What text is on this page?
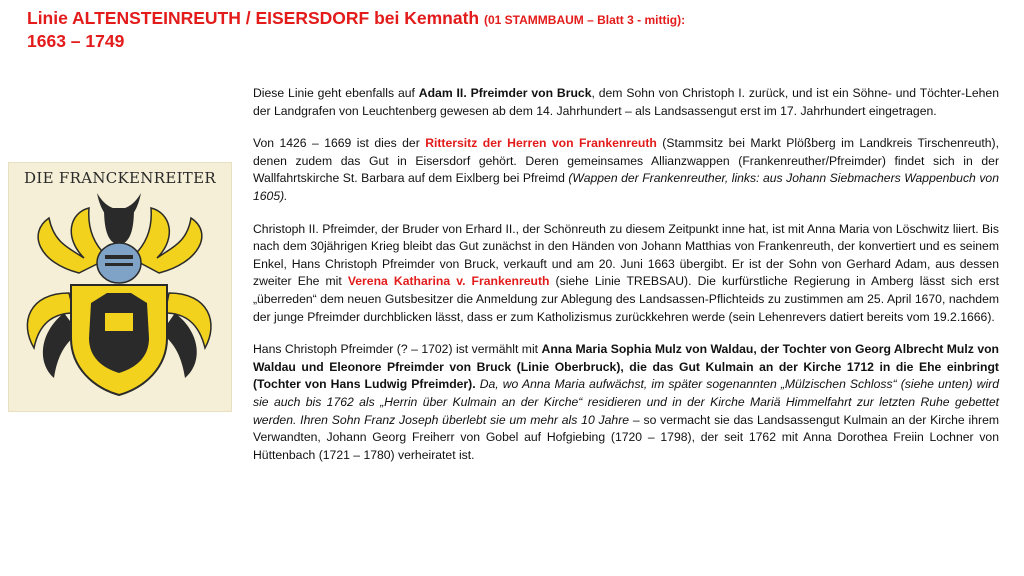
Linie ALTENSTEINREUTH / EISERSDORF bei Kemnath (01 STAMMBAUM – Blatt 3 - mittig):
1663 – 1749
DIE FRANCKENREITER

Diese Linie geht ebenfalls auf Adam II. Pfreimder von Bruck, dem Sohn von Christoph I. zurück, und ist ein Söhne- und Töchter-Lehen der Landgrafen von Leuchtenberg gewesen ab dem 14. Jahrhundert – als Landsassengut erst im 17. Jahrhundert eingetragen.

Von 1426 – 1669 ist dies der Rittersitz der Herren von Frankenreuth (Stammsitz bei Markt Plößberg im Landkreis Tirschenreuth), denen zudem das Gut in Eisersdorf gehört. Deren gemeinsames Allianzwappen (Frankenreuther/Pfreimder) findet sich in der Wallfahrtskirche St. Barbara auf dem Eixlberg bei Pfreimd (Wappen der Frankenreuther, links: aus Johann Siebmachers Wappenbuch von 1605).

Christoph II. Pfreimder, der Bruder von Erhard II., der Schönreuth zu diesem Zeitpunkt inne hat, ist mit Anna Maria von Löschwitz liiert. Bis nach dem 30jährigen Krieg bleibt das Gut zunächst in den Händen von Johann Matthias von Frankenreuth, der konvertiert und es seinem Enkel, Hans Christoph Pfreimder von Bruck, verkauft und am 20. Juni 1663 übergibt. Er ist der Sohn von Gerhard Adam, aus dessen zweiter Ehe mit Verena Katharina v. Frankenreuth (siehe Linie TREBSAU). Die kurfürstliche Regierung in Amberg lässt sich erst „überreden“ dem neuen Gutsbesitzer die Anmeldung zur Ablegung des Landsassen-Pflichteids zu zustimmen am 25. April 1670, nachdem der junge Pfreimder durchblicken lässt, dass er zum Katholizismus zurückkehren werde (sein Lehenrevers datiert bereits vom 19.2.1666).

Hans Christoph Pfreimder (? – 1702) ist vermählt mit Anna Maria Sophia Mulz von Waldau, der Tochter von Georg Albrecht Mulz von Waldau und Eleonore Pfreimder von Bruck (Linie Oberbruck), die das Gut Kulmain an der Kirche 1712 in die Ehe einbringt (Tochter von Hans Ludwig Pfreimder). Da, wo Anna Maria aufwächst, im später sogenannten „Mülzischen Schloss“ (siehe unten) wird sie auch bis 1762 als „Herrin über Kulmain an der Kirche“ residieren und in der Kirche Mariä Himmelfahrt zur letzten Ruhe gebettet werden. Ihren Sohn Franz Joseph überlebt sie um mehr als 10 Jahre – so vermacht sie das Landsassengut Kulmain an der Kirche ihrem Verwandten, Johann Georg Freiherr von Gobel auf Hofgiebing (1720 – 1798), der seit 1762 mit Anna Dorothea Freiin Lochner von Hüttenbach (1721 – 1780) verheiratet ist.
